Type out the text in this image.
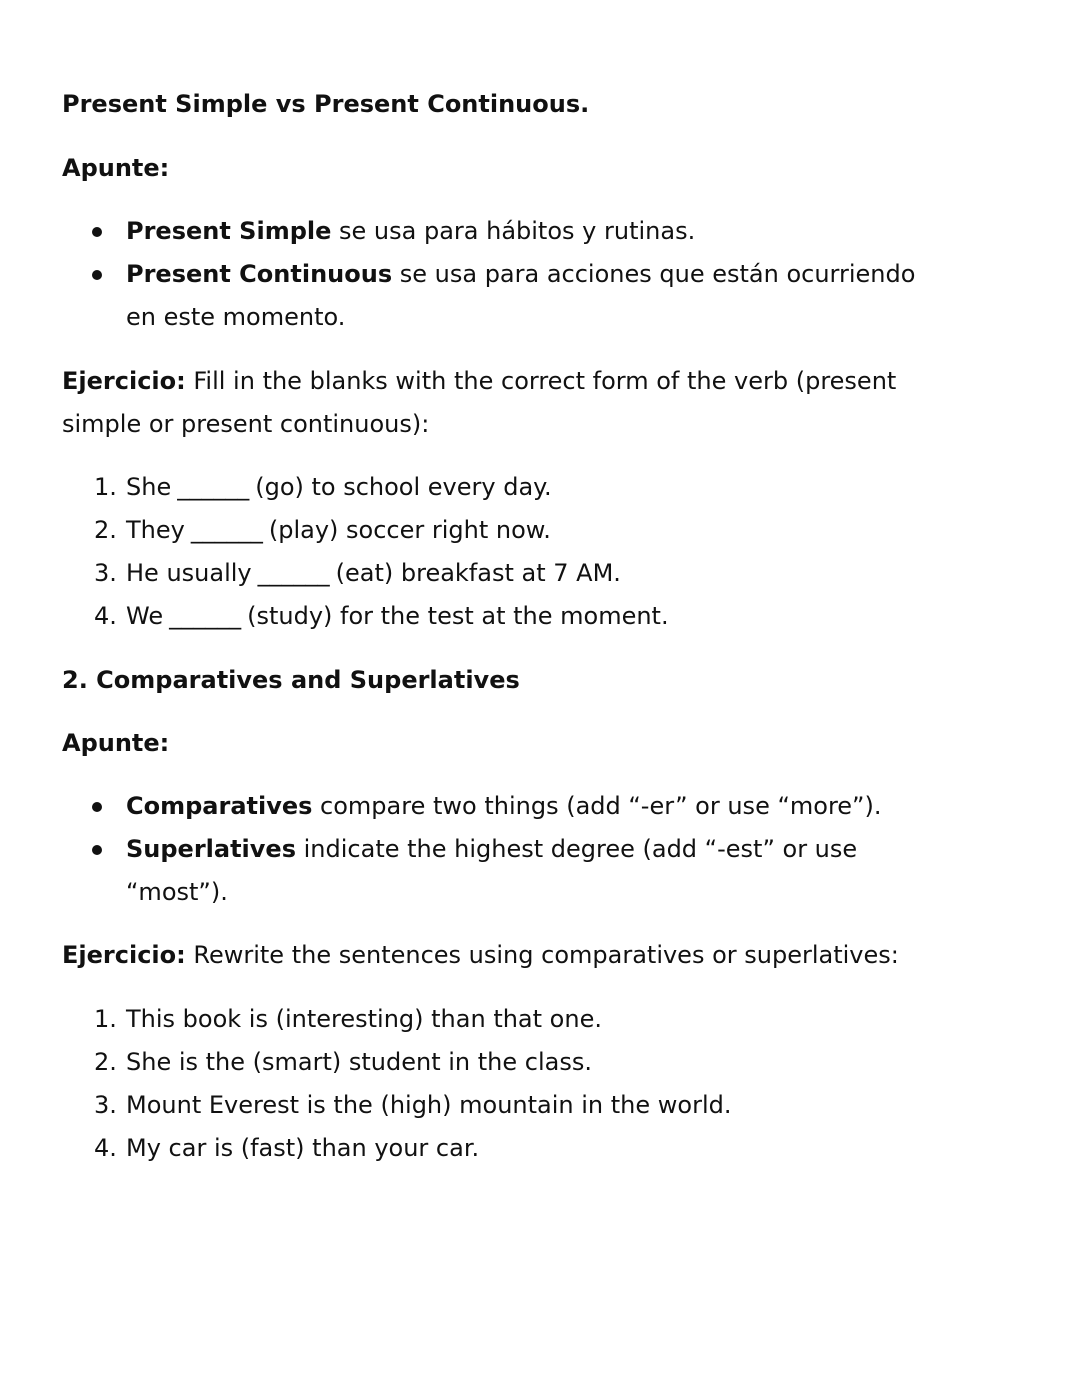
Present Simple vs Present Continuous.
Apunte:
Present Simple se usa para hábitos y rutinas.
Present Continuous se usa para acciones que están ocurriendo en este momento.
Ejercicio: Fill in the blanks with the correct form of the verb (present simple or present continuous):
1. She ______ (go) to school every day.
2. They ______ (play) soccer right now.
3. He usually ______ (eat) breakfast at 7 AM.
4. We ______ (study) for the test at the moment.
2. Comparatives and Superlatives
Apunte:
Comparatives compare two things (add “-er” or use “more”).
Superlatives indicate the highest degree (add “-est” or use “most”).
Ejercicio: Rewrite the sentences using comparatives or superlatives:
1. This book is (interesting) than that one.
2. She is the (smart) student in the class.
3. Mount Everest is the (high) mountain in the world.
4. My car is (fast) than your car.
